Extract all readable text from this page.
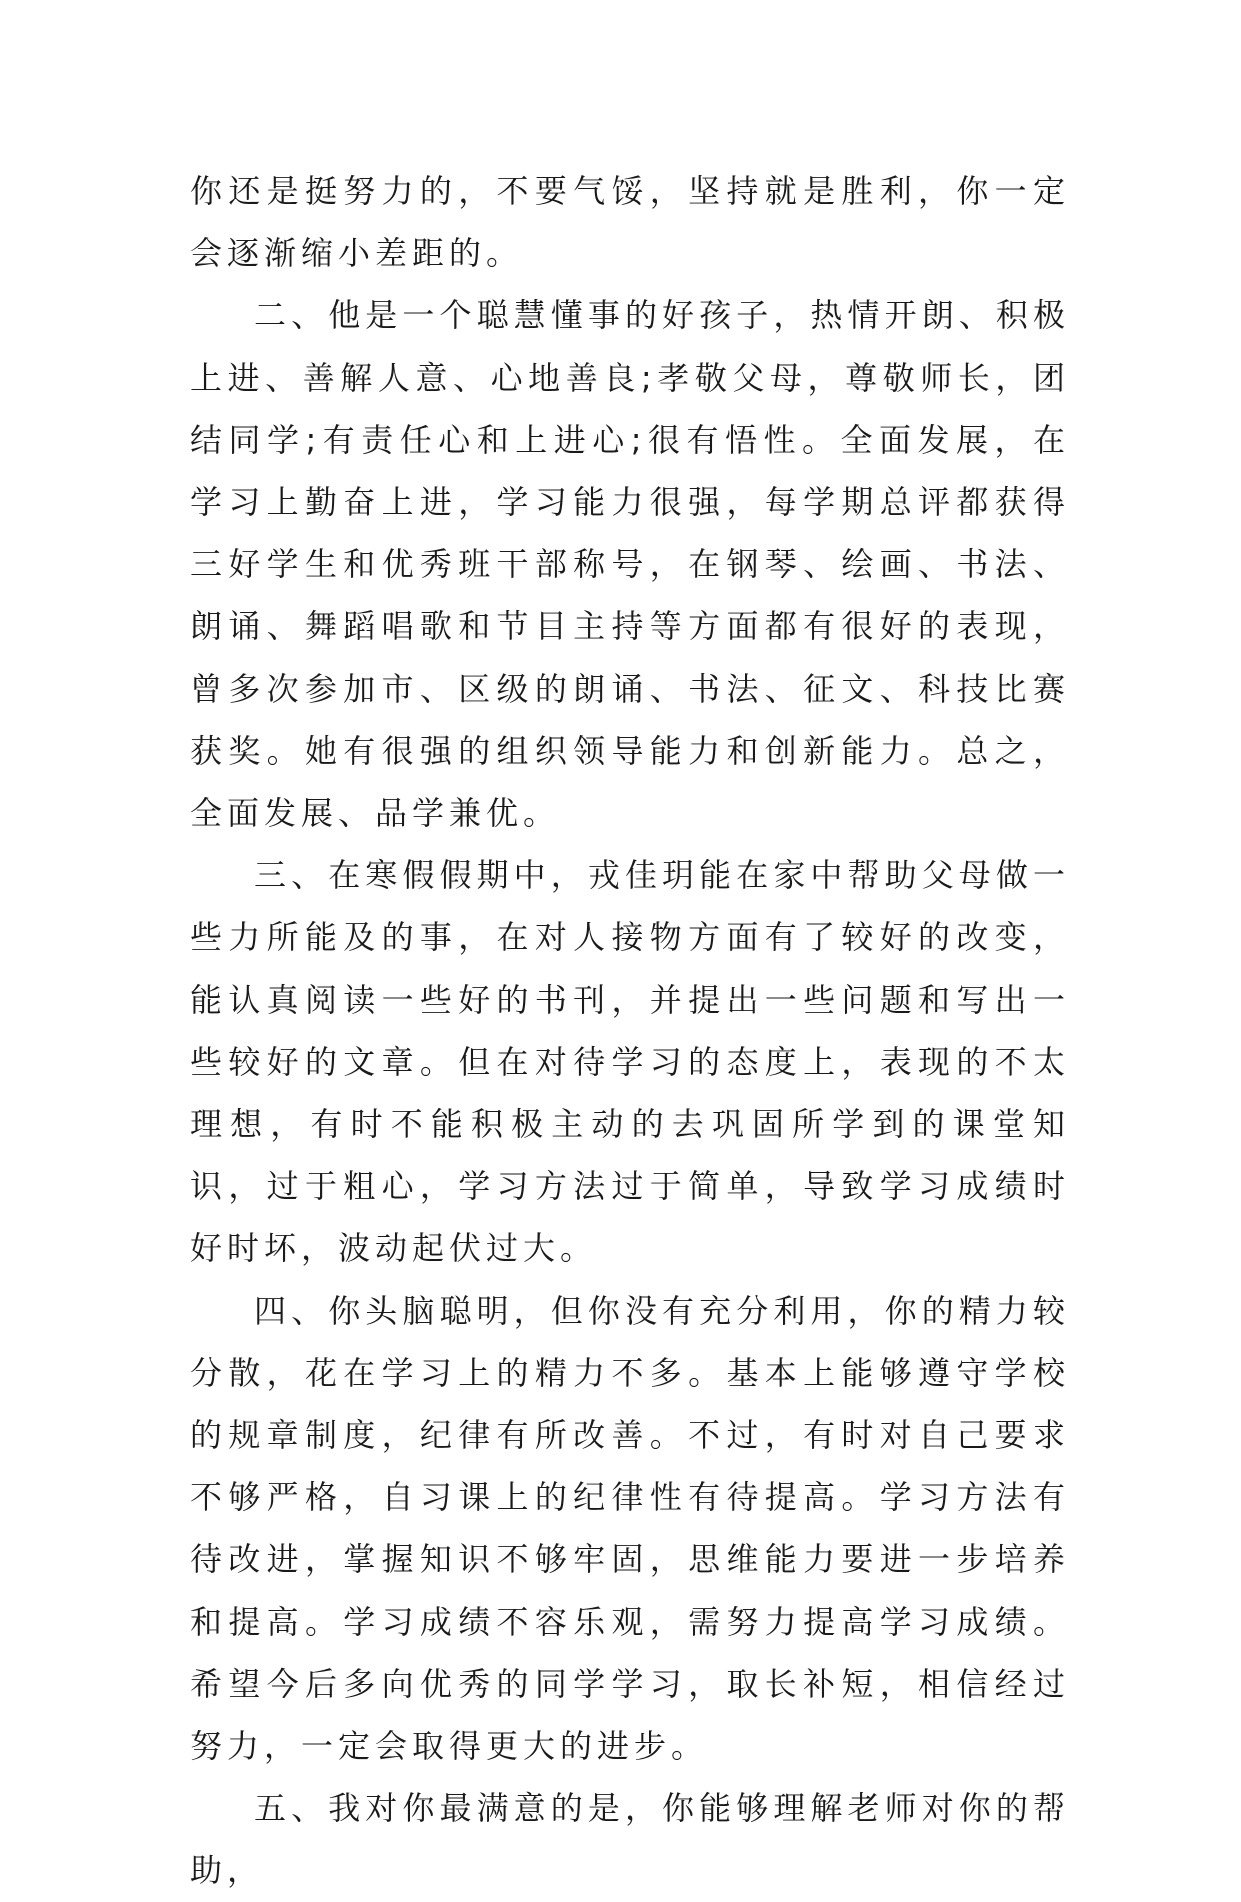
你还是挺努力的，不要气馁，坚持就是胜利，你一定会逐渐缩小差距的。

二、他是一个聪慧懂事的好孩子，热情开朗、积极上进、善解人意、心地善良;孝敬父母，尊敬师长，团结同学;有责任心和上进心;很有悟性。全面发展，在学习上勤奋上进，学习能力很强，每学期总评都获得三好学生和优秀班干部称号，在钢琴、绘画、书法、朗诵、舞蹈唱歌和节目主持等方面都有很好的表现，曾多次参加市、区级的朗诵、书法、征文、科技比赛获奖。她有很强的组织领导能力和创新能力。总之，全面发展、品学兼优。

三、在寒假假期中，戎佳玥能在家中帮助父母做一些力所能及的事，在对人接物方面有了较好的改变，能认真阅读一些好的书刊，并提出一些问题和写出一些较好的文章。但在对待学习的态度上，表现的不太理想，有时不能积极主动的去巩固所学到的课堂知识，过于粗心，学习方法过于简单，导致学习成绩时好时坏，波动起伏过大。

四、你头脑聪明，但你没有充分利用，你的精力较分散，花在学习上的精力不多。基本上能够遵守学校的规章制度，纪律有所改善。不过，有时对自己要求不够严格，自习课上的纪律性有待提高。学习方法有待改进，掌握知识不够牢固，思维能力要进一步培养和提高。学习成绩不容乐观，需努力提高学习成绩。希望今后多向优秀的同学学习，取长补短，相信经过努力，一定会取得更大的进步。

五、我对你最满意的是，你能够理解老师对你的帮助，
